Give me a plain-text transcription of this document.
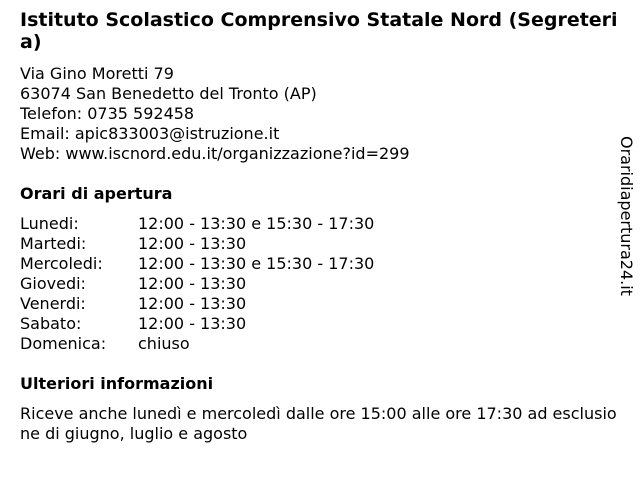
Istituto Scolastico Comprensivo Statale Nord (Segreteria)
Via Gino Moretti 79
63074 San Benedetto del Tronto (AP)
Telefon: 0735 592458
Email: apic833003@istruzione.it
Web: www.iscnord.edu.it/organizzazione?id=299
Orari di apertura
Lunedi:	12:00 - 13:30 e 15:30 - 17:30
Martedi:	12:00 - 13:30
Mercoledi:	12:00 - 13:30 e 15:30 - 17:30
Giovedi:	12:00 - 13:30
Venerdi:	12:00 - 13:30
Sabato:	12:00 - 13:30
Domenica:	chiuso
Ulteriori informazioni
Riceve anche lunedì e mercoledì dalle ore 15:00 alle ore 17:30 ad esclusione di giugno, luglio e agosto
Oraridiapertura24.it
